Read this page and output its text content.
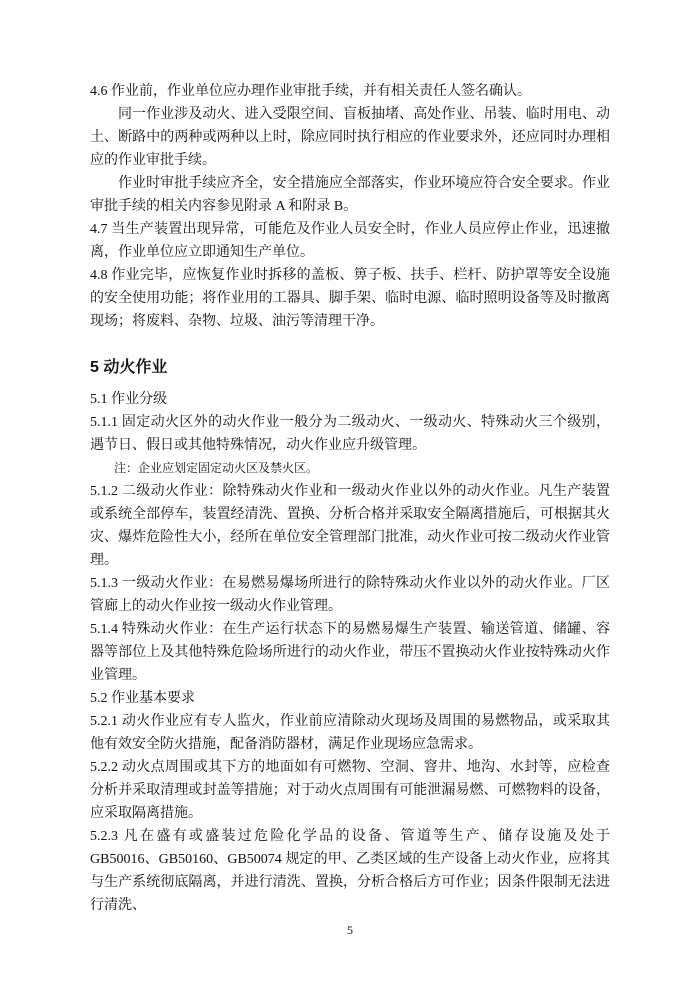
4.6 作业前，作业单位应办理作业审批手续，并有相关责任人签名确认。

同一作业涉及动火、进入受限空间、盲板抽堵、高处作业、吊装、临时用电、动土、断路中的两种或两种以上时，除应同时执行相应的作业要求外，还应同时办理相应的作业审批手续。

作业时审批手续应齐全，安全措施应全部落实，作业环境应符合安全要求。作业审批手续的相关内容参见附录 A 和附录 B。

4.7 当生产装置出现异常，可能危及作业人员安全时，作业人员应停止作业，迅速撤离，作业单位应立即通知生产单位。

4.8 作业完毕，应恢复作业时拆移的盖板、箅子板、扶手、栏杆、防护罩等安全设施的安全使用功能；将作业用的工器具、脚手架、临时电源、临时照明设备等及时撤离现场；将废料、杂物、垃圾、油污等清理干净。

5 动火作业

5.1 作业分级

5.1.1 固定动火区外的动火作业一般分为二级动火、一级动火、特殊动火三个级别，遇节日、假日或其他特殊情况，动火作业应升级管理。

注：企业应划定固定动火区及禁火区。

5.1.2 二级动火作业：除特殊动火作业和一级动火作业以外的动火作业。凡生产装置或系统全部停车，装置经清洗、置换、分析合格并采取安全隔离措施后，可根据其火灾、爆炸危险性大小，经所在单位安全管理部门批准，动火作业可按二级动火作业管理。

5.1.3 一级动火作业：在易燃易爆场所进行的除特殊动火作业以外的动火作业。厂区管廊上的动火作业按一级动火作业管理。

5.1.4 特殊动火作业：在生产运行状态下的易燃易爆生产装置、输送管道、储罐、容器等部位上及其他特殊危险场所进行的动火作业，带压不置换动火作业按特殊动火作业管理。

5.2 作业基本要求

5.2.1 动火作业应有专人监火，作业前应清除动火现场及周围的易燃物品，或采取其他有效安全防火措施，配备消防器材，满足作业现场应急需求。

5.2.2 动火点周围或其下方的地面如有可燃物、空洞、窨井、地沟、水封等，应检查分析并采取清理或封盖等措施；对于动火点周围有可能泄漏易燃、可燃物料的设备，应采取隔离措施。

5.2.3 凡在盛有或盛装过危险化学品的设备、管道等生产、储存设施及处于 GB50016、GB50160、GB50074 规定的甲、乙类区域的生产设备上动火作业，应将其与生产系统彻底隔离，并进行清洗、置换，分析合格后方可作业；因条件限制无法进行清洗、

5
